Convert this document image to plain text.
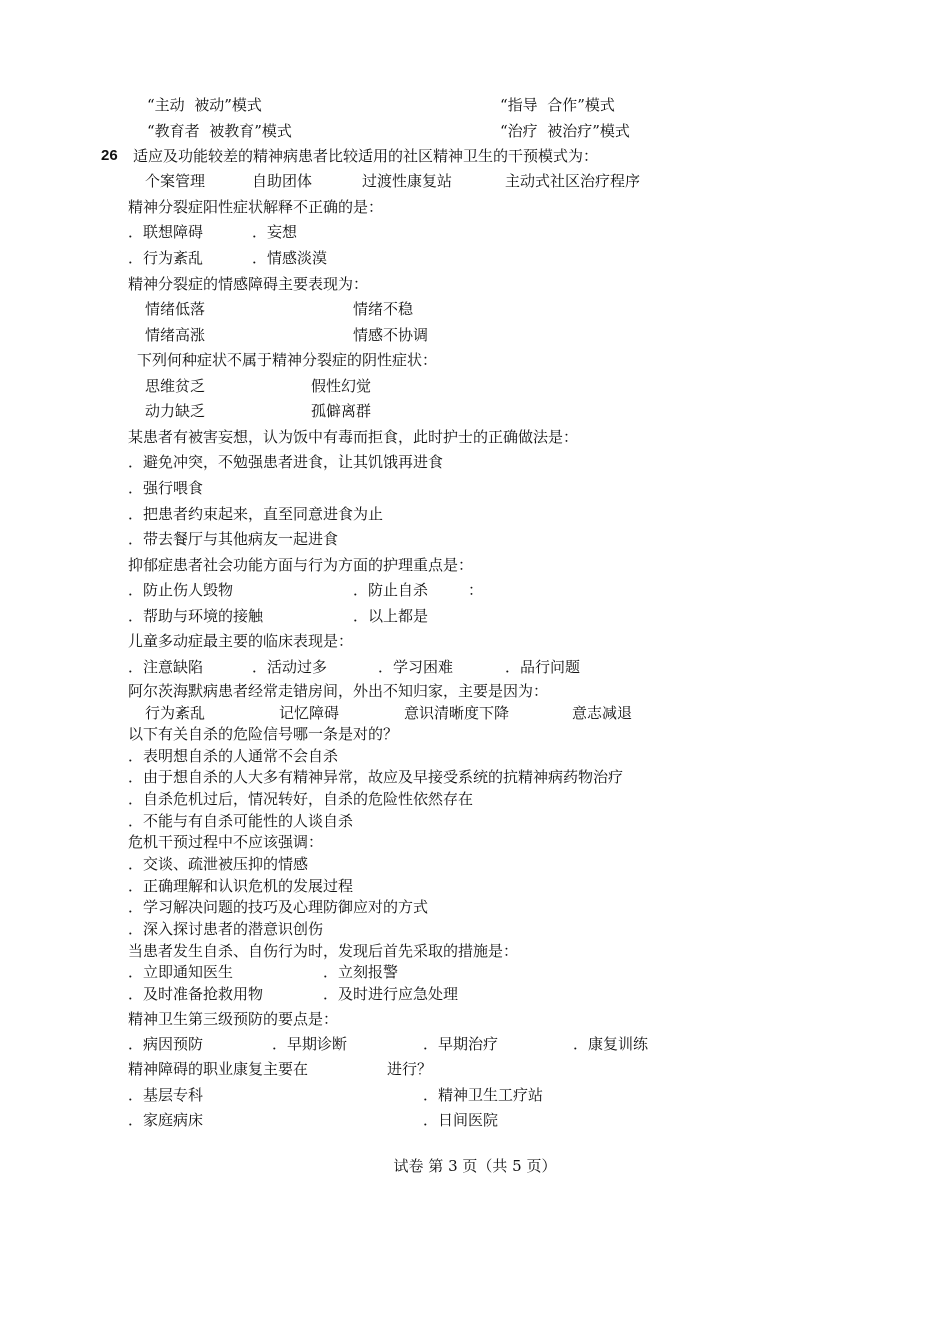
26
“主动  被动”模式	“指导  合作”模式
“教育者  被教育”模式	“治疗  被治疗”模式
适应及功能较差的精神病患者比较适用的社区精神卫生的干预模式为：
个案管理	自助团体	过渡性康复站	主动式社区治疗程序
精神分裂症阳性症状解释不正确的是：
．联想障碍	．妄想
．行为紊乱	．情感淡漠
精神分裂症的情感障碍主要表现为：
情绪低落	情绪不稳
情绪高涨	情感不协调
下列何种症状不属于精神分裂症的阴性症状：
思维贫乏	假性幻觉
动力缺乏	孤僻离群
某患者有被害妄想，认为饭中有毒而拒食，此时护士的正确做法是：
．避免冲突，不勉强患者进食，让其饥饿再进食
．强行喂食
．把患者约束起来，直至同意进食为止
．带去餐厅与其他病友一起进食
抑郁症患者社会功能方面与行为方面的护理重点是：
．防止伤人毁物	．防止自杀	：
．帮助与环境的接触	．以上都是
儿童多动症最主要的临床表现是：
．注意缺陷	．活动过多	．学习困难	．品行问题
阿尔茨海默病患者经常走错房间，外出不知归家，主要是因为：
行为紊乱	记忆障碍	意识清晰度下降	意志减退
以下有关自杀的危险信号哪一条是对的？
．表明想自杀的人通常不会自杀
．由于想自杀的人大多有精神异常，故应及早接受系统的抗精神病药物治疗
．自杀危机过后，情况转好，自杀的危险性依然存在
．不能与有自杀可能性的人谈自杀
危机干预过程中不应该强调：
．交谈、疏泄被压抑的情感
．正确理解和认识危机的发展过程
．学习解决问题的技巧及心理防御应对的方式
．深入探讨患者的潜意识创伤
当患者发生自杀、自伤行为时，发现后首先采取的措施是：
．立即通知医生	．立刻报警
．及时准备抢救用物	．及时进行应急处理
精神卫生第三级预防的要点是：
．病因预防	．早期诊断	．早期治疗	．康复训练
精神障碍的职业康复主要在	进行？
．基层专科	．精神卫生工疗站
．家庭病床	．日间医院
试卷 第 3 页（共 5 页）
